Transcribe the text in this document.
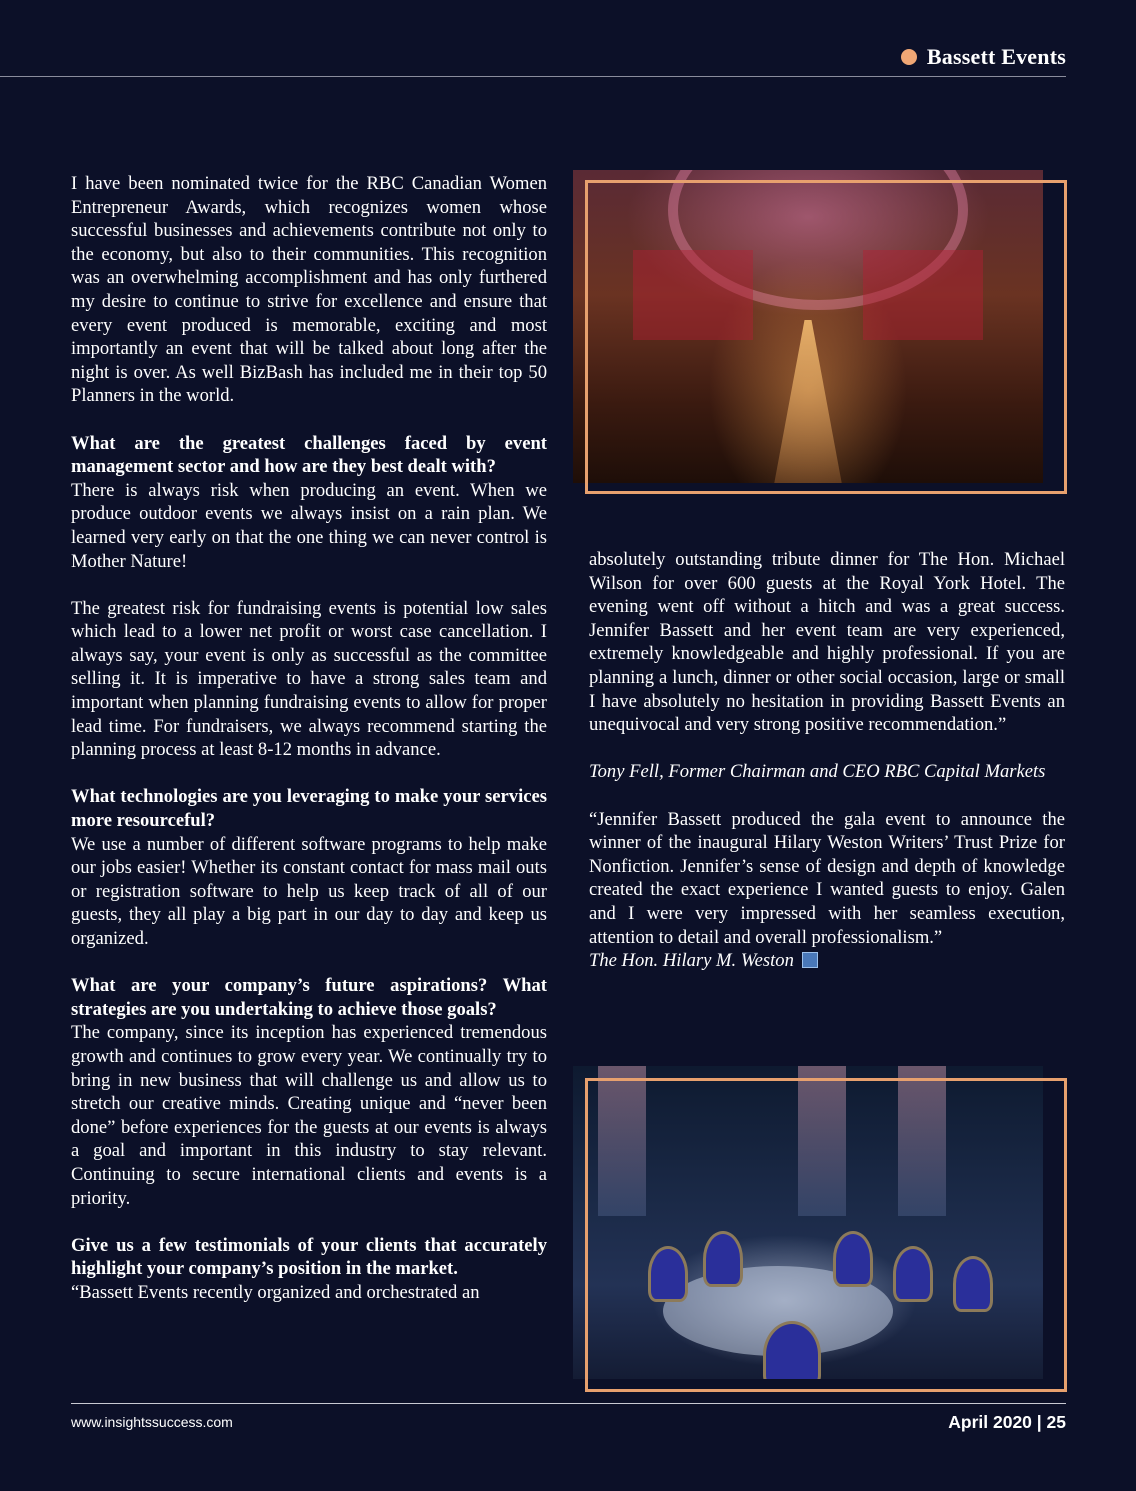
Bassett Events

I have been nominated twice for the RBC Canadian Women Entrepreneur Awards, which recognizes women whose successful businesses and achievements contribute not only to the economy, but also to their communities. This recognition was an overwhelming accomplishment and has only furthered my desire to continue to strive for excellence and ensure that every event produced is memorable, exciting and most importantly an event that will be talked about long after the night is over. As well BizBash has included me in their top 50 Planners in the world.

What are the greatest challenges faced by event management sector and how are they best dealt with?

There is always risk when producing an event. When we produce outdoor events we always insist on a rain plan. We learned very early on that the one thing we can never control is Mother Nature!

The greatest risk for fundraising events is potential low sales which lead to a lower net profit or worst case cancellation. I always say, your event is only as successful as the committee selling it. It is imperative to have a strong sales team and important when planning fundraising events to allow for proper lead time. For fundraisers, we always recommend starting the planning process at least 8-12 months in advance.

What technologies are you leveraging to make your services more resourceful?

We use a number of different software programs to help make our jobs easier! Whether its constant contact for mass mail outs or registration software to help us keep track of all of our guests, they all play a big part in our day to day and keep us organized.

What are your company’s future aspirations? What strategies are you undertaking to achieve those goals?

The company, since its inception has experienced tremendous growth and continues to grow every year. We continually try to bring in new business that will challenge us and allow us to stretch our creative minds. Creating unique and “never been done” before experiences for the guests at our events is always a goal and important in this industry to stay relevant. Continuing to secure international clients and events is a priority.

Give us a few testimonials of your clients that accurately highlight your company’s position in the market.

“Bassett Events recently organized and orchestrated an

absolutely outstanding tribute dinner for The Hon. Michael Wilson for over 600 guests at the Royal York Hotel. The evening went off without a hitch and was a great success. Jennifer Bassett and her event team are very experienced, extremely knowledgeable and highly professional. If you are planning a lunch, dinner or other social occasion, large or small I have absolutely no hesitation in providing Bassett Events an unequivocal and very strong positive recommendation.”

Tony Fell, Former Chairman and CEO RBC Capital Markets

“Jennifer Bassett produced the gala event to announce the winner of the inaugural Hilary Weston Writers’ Trust Prize for Nonfiction. Jennifer’s sense of design and depth of knowledge created the exact experience I wanted guests to enjoy. Galen and I were very impressed with her seamless execution, attention to detail and overall professionalism.”

The Hon. Hilary M. Weston
www.insightssuccess.com	April 2020 | 25
